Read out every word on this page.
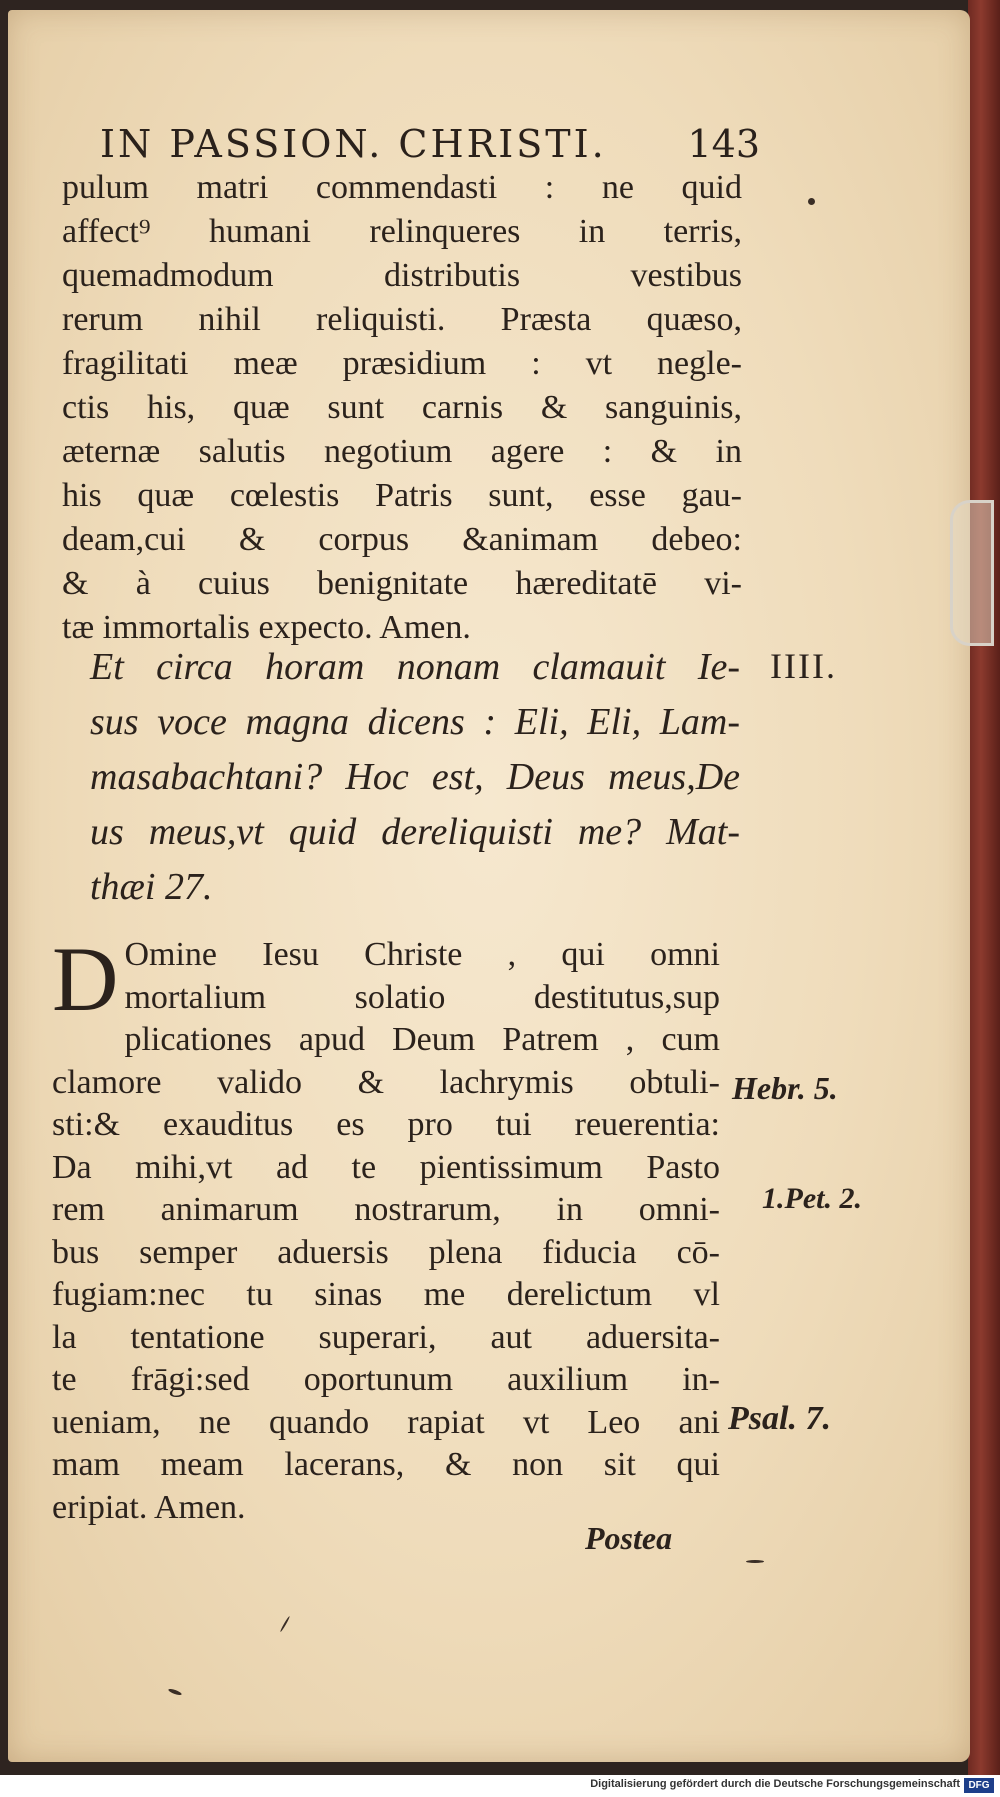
IN PASSION. CHRISTI. 143
pulum matri commendasti : ne quid
affect⁹ humani relinqueres in terris,
quemadmodum distributis vestibus
rerum nihil reliquisti. Præsta quæso,
fragilitati meæ præsidium : vt negle-
ctis his, quæ sunt carnis & sanguinis,
æternæ salutis negotium agere : & in
his quæ cœlestis Patris sunt, esse gau-
deam,cui & corpus &animam debeo:
& à cuius benignitate hæreditatē vi-
tæ immortalis expecto. Amen.
IIII.
Et circa horam nonam clamauit Ie-
sus voce magna dicens : Eli, Eli, Lam-
masabachtani? Hoc est, Deus meus,De
us meus,vt quid dereliquisti me? Mat-
thæi 27.
D Omine Iesu Christe , qui omni
mortalium solatio destitutus,sup
plicationes apud Deum Patrem , cum
clamore valido & lachrymis obtuli-
sti:& exauditus es pro tui reuerentia:
Da mihi,vt ad te pientissimum Pasto
rem animarum nostrarum, in omni-
bus semper aduersis plena fiducia cō-
fugiam:nec tu sinas me derelictum vl
la tentatione superari, aut aduersita-
te frāgi:sed oportunum auxilium in-
ueniam, ne quando rapiat vt Leo ani
mam meam lacerans, & non sit qui
eripiat. Amen.
Hebr. 5.
1.Pet. 2.
Psal. 7.
Postea
Digitalisierung gefördert durch die Deutsche Forschungsgemeinschaft DFG
